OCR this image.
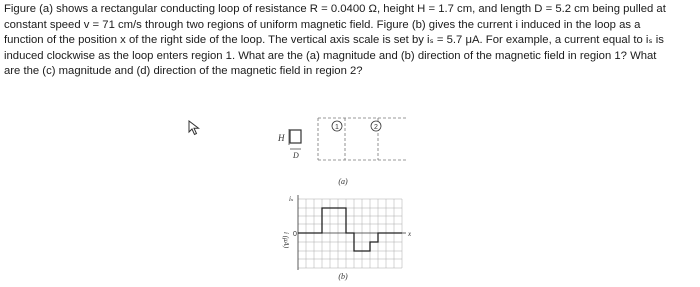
Figure (a) shows a rectangular conducting loop of resistance R = 0.0400 Ω, height H = 1.7 cm, and length D = 5.2 cm being pulled at

constant speed v = 71 cm/s through two regions of uniform magnetic field. Figure (b) gives the current i induced in the loop as a

function of the position x of the right side of the loop. The vertical axis scale is set by iₛ = 5.7 μA. For example, a current equal to iₛ is

induced clockwise as the loop enters region 1. What are the (a) magnitude and (b) direction of the magnetic field in region 1? What

are the (c) magnitude and (d) direction of the magnetic field in region 2?

H
D
1	2
(a)
iₛ
0	x
i (μA)
(b)
